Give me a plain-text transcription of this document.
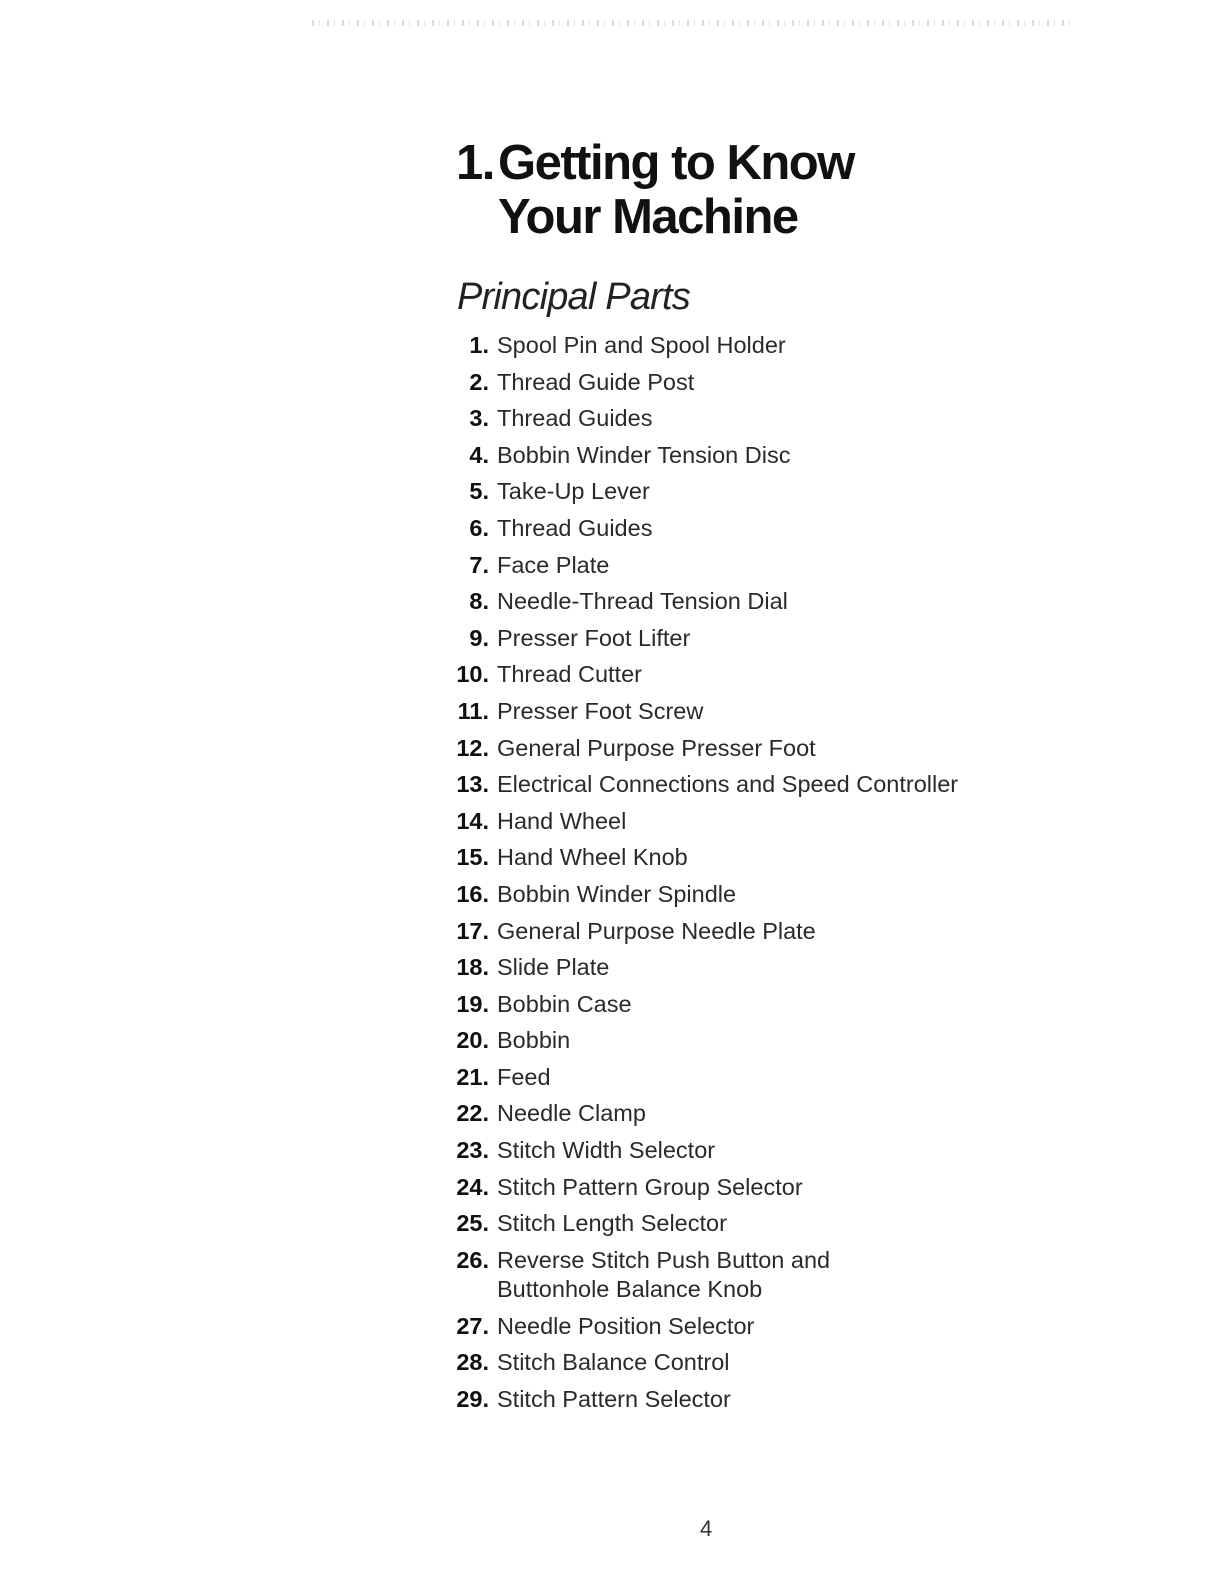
1.Getting to Know
Your Machine
Principal Parts
1. Spool Pin and Spool Holder
2. Thread Guide Post
3. Thread Guides
4. Bobbin Winder Tension Disc
5. Take-Up Lever
6. Thread Guides
7. Face Plate
8. Needle-Thread Tension Dial
9. Presser Foot Lifter
10. Thread Cutter
11. Presser Foot Screw
12. General Purpose Presser Foot
13. Electrical Connections and Speed Controller
14. Hand Wheel
15. Hand Wheel Knob
16. Bobbin Winder Spindle
17. General Purpose Needle Plate
18. Slide Plate
19. Bobbin Case
20. Bobbin
21. Feed
22. Needle Clamp
23. Stitch Width Selector
24. Stitch Pattern Group Selector
25. Stitch Length Selector
26. Reverse Stitch Push Button and
Buttonhole Balance Knob
27. Needle Position Selector
28. Stitch Balance Control
29. Stitch Pattern Selector
4
